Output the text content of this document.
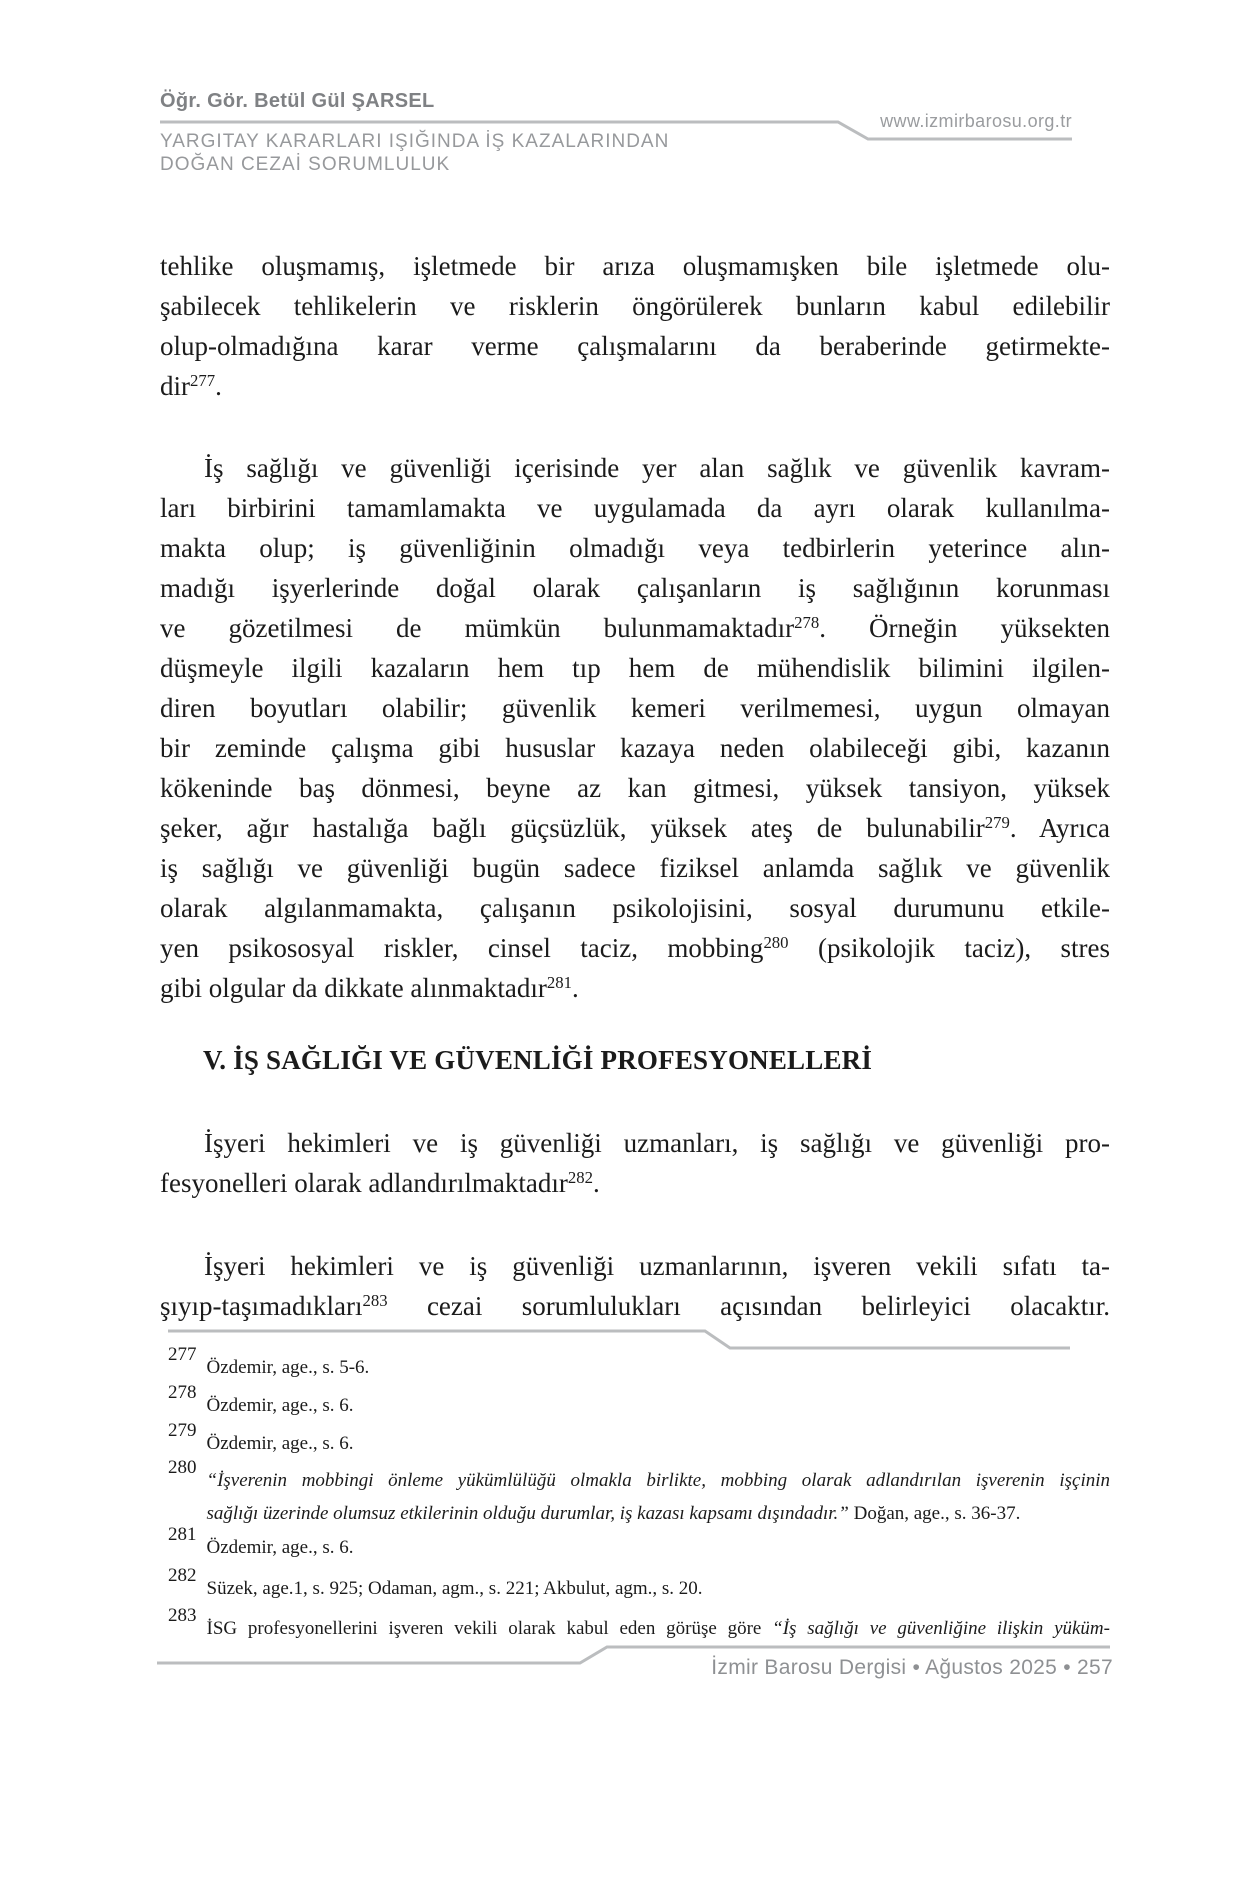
Öğr. Gör. Betül Gül ŞARSEL
www.izmirbarosu.org.tr
YARGITAY KARARLARI IŞIĞINDA İŞ KAZALARINDAN
DOĞAN CEZAİ SORUMLULUK
tehlike oluşmamış, işletmede bir arıza oluşmamışken bile işletmede olu-
şabilecek tehlikelerin ve risklerin öngörülerek bunların kabul edilebilir
olup-olmadığına karar verme çalışmalarını da beraberinde getirmekte-
dir$^{277}$.
İş sağlığı ve güvenliği içerisinde yer alan sağlık ve güvenlik kavram-
ları birbirini tamamlamakta ve uygulamada da ayrı olarak kullanılma-
makta olup; iş güvenliğinin olmadığı veya tedbirlerin yeterince alın-
madığı işyerlerinde doğal olarak çalışanların iş sağlığının korunması
ve gözetilmesi de mümkün bulunmamaktadır$^{278}$. Örneğin yüksekten
düşmeyle ilgili kazaların hem tıp hem de mühendislik bilimini ilgilen-
diren boyutları olabilir; güvenlik kemeri verilmemesi, uygun olmayan
bir zeminde çalışma gibi hususlar kazaya neden olabileceği gibi, kazanın
kökeninde baş dönmesi, beyne az kan gitmesi, yüksek tansiyon, yüksek
şeker, ağır hastalığa bağlı güçsüzlük, yüksek ateş de bulunabilir$^{279}$. Ayrıca
iş sağlığı ve güvenliği bugün sadece fiziksel anlamda sağlık ve güvenlik
olarak algılanmamakta, çalışanın psikolojisini, sosyal durumunu etkile-
yen psikososyal riskler, cinsel taciz, mobbing$^{280}$ (psikolojik taciz), stres
gibi olgular da dikkate alınmaktadır$^{281}$.
V. İŞ SAĞLIĞI VE GÜVENLİĞİ PROFESYONELLERİ
İşyeri hekimleri ve iş güvenliği uzmanları, iş sağlığı ve güvenliği pro-
fesyonelleri olarak adlandırılmaktadır$^{282}$.
İşyeri hekimleri ve iş güvenliği uzmanlarının, işveren vekili sıfatı ta-
şıyıp-taşımadıkları$^{283}$ cezai sorumlulukları açısından belirleyici olacaktır.
277
Özdemir, age., s. 5-6.
278
Özdemir, age., s. 6.
279
Özdemir, age., s. 6.
280
“İşverenin mobbingi önleme yükümlülüğü olmakla birlikte, mobbing olarak adlandırılan işverenin işçinin
sağlığı üzerinde olumsuz etkilerinin olduğu durumlar, iş kazası kapsamı dışındadır.” Doğan, age., s. 36-37.
281
Özdemir, age., s. 6.
282
Süzek, age.1, s. 925; Odaman, agm., s. 221; Akbulut, agm., s. 20.
283
İSG profesyonellerini işveren vekili olarak kabul eden görüşe göre “İş sağlığı ve güvenliğine ilişkin yüküm-
İzmir Barosu Dergisi • Ağustos 2025 • 257
